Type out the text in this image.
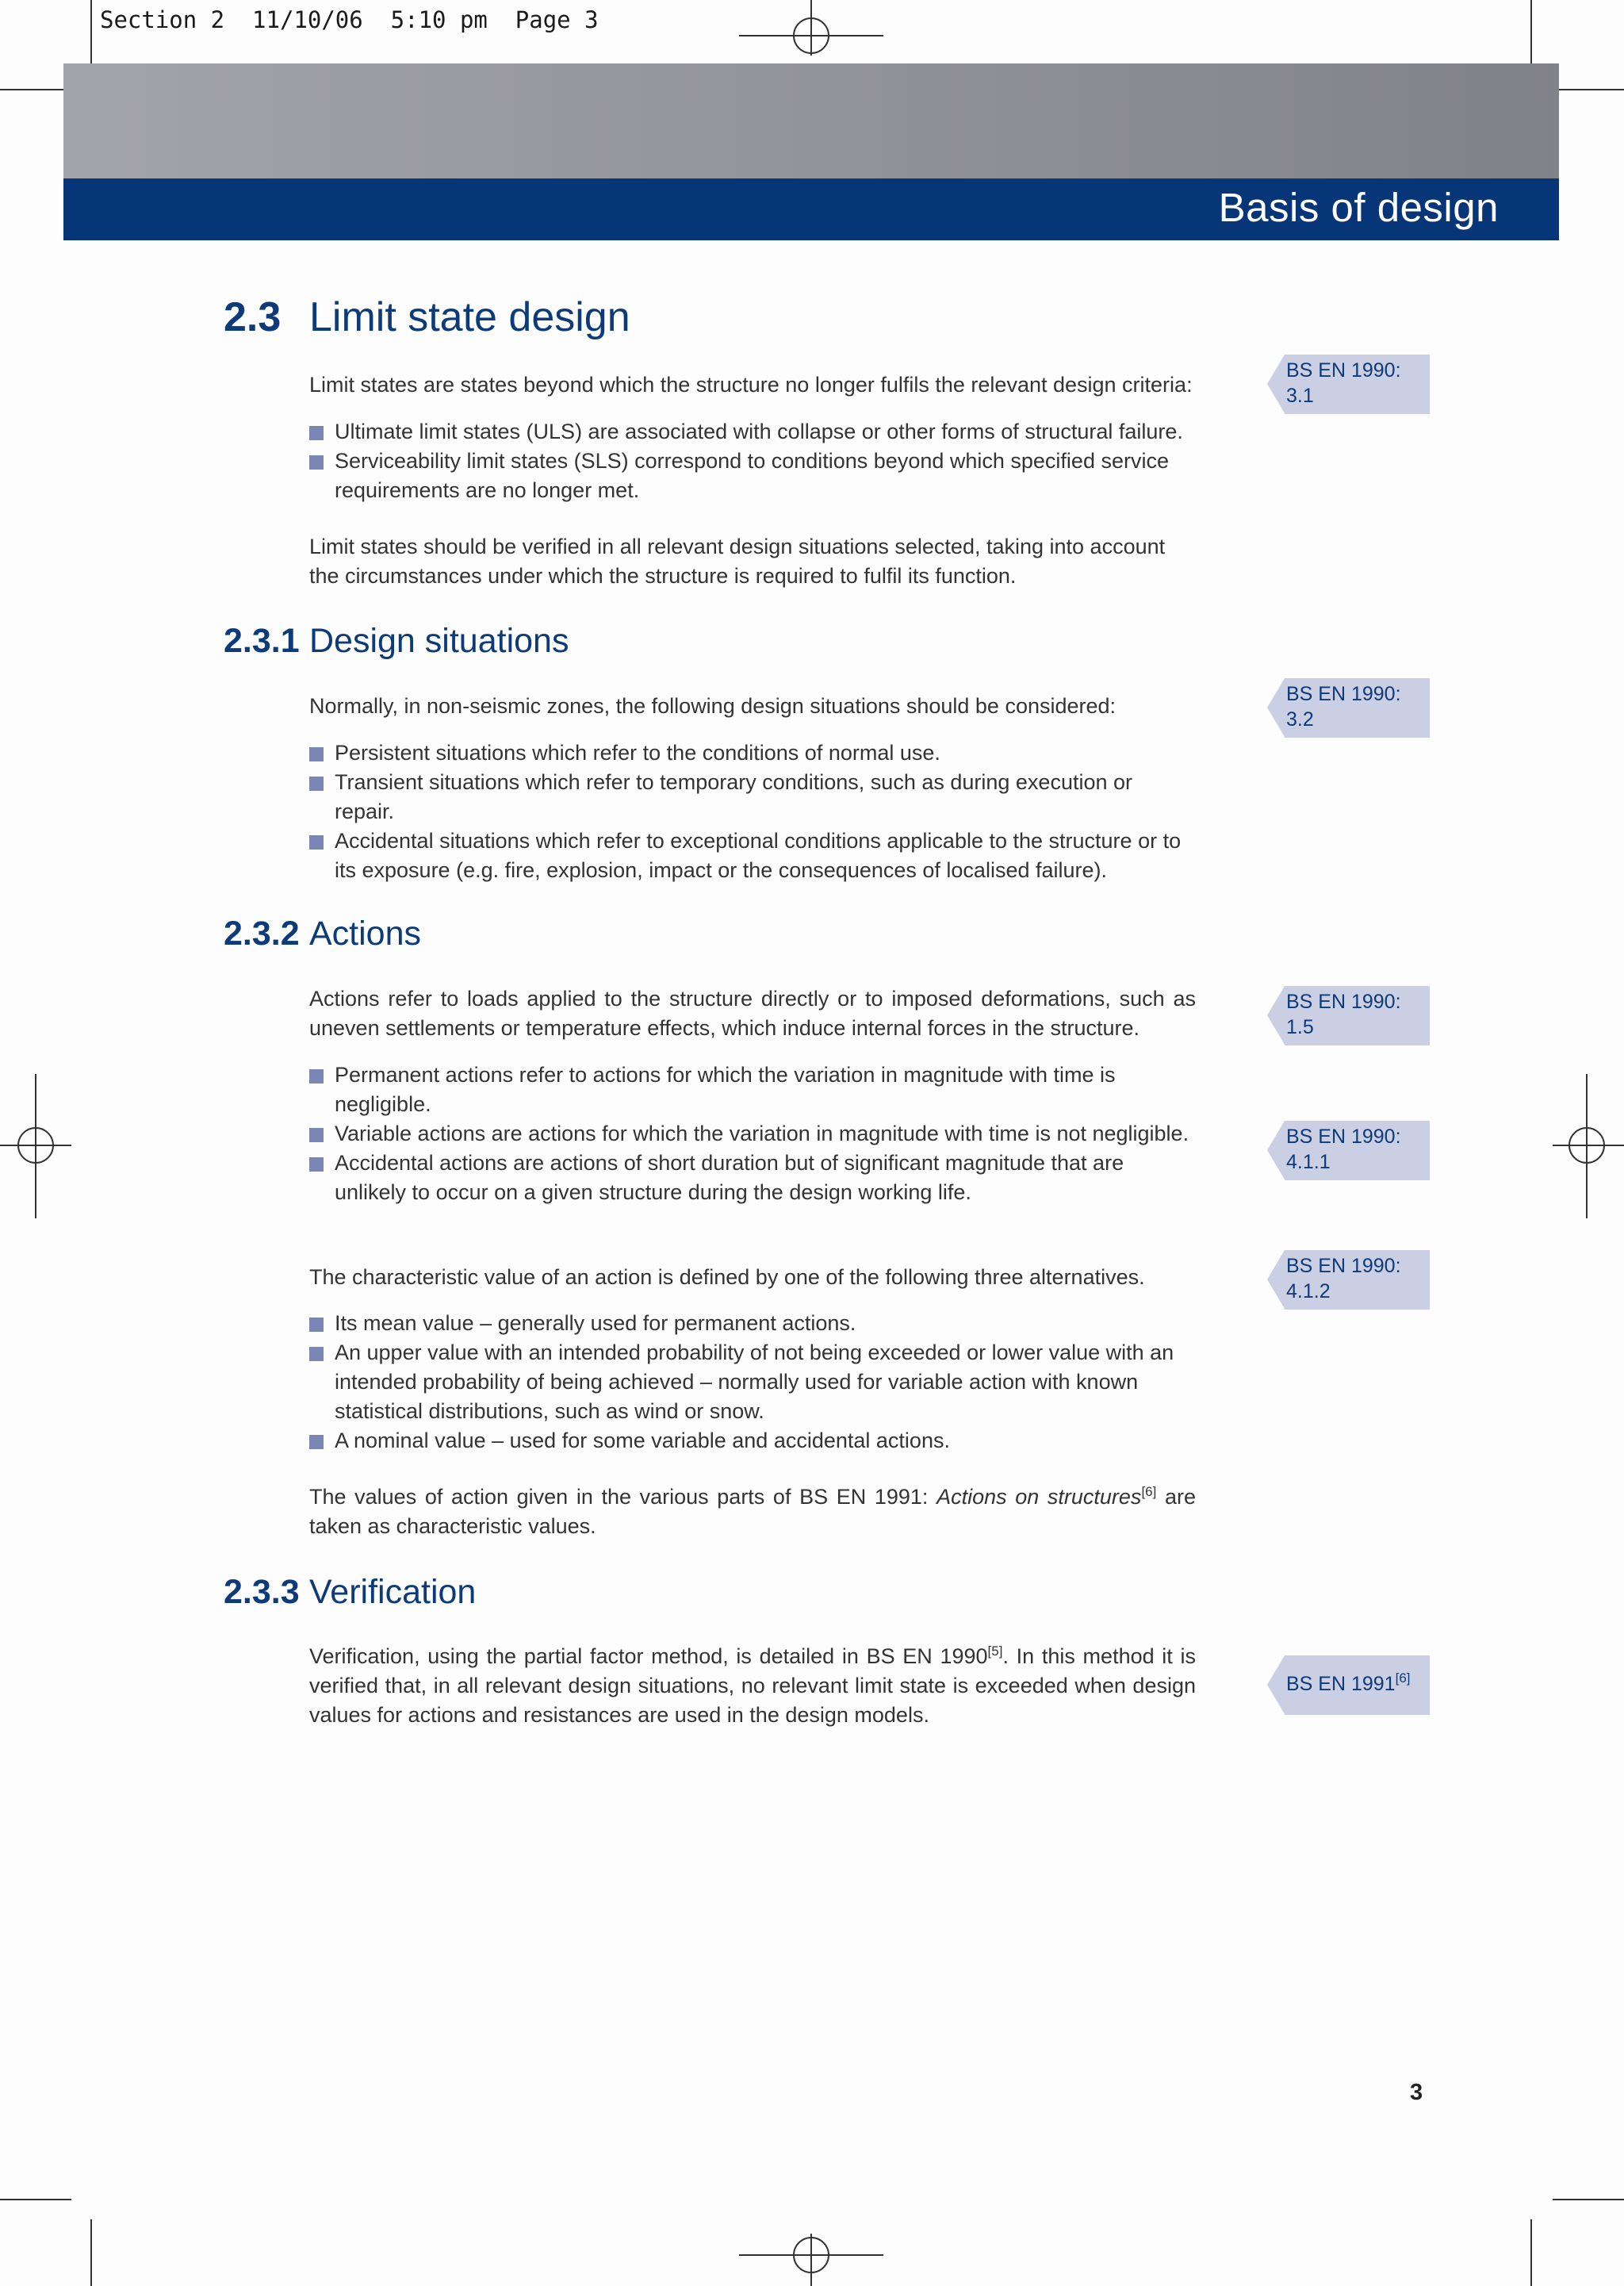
Section 2  11/10/06  5:10 pm  Page 3
Basis of design
2.3 Limit state design

Limit states are states beyond which the structure no longer fulfils the relevant design criteria:

Ultimate limit states (ULS) are associated with collapse or other forms of structural failure.
Serviceability limit states (SLS) correspond to conditions beyond which specified service requirements are no longer met.

Limit states should be verified in all relevant design situations selected, taking into account the circumstances under which the structure is required to fulfil its function.

2.3.1 Design situations

Normally, in non-seismic zones, the following design situations should be considered:

Persistent situations which refer to the conditions of normal use.
Transient situations which refer to temporary conditions, such as during execution or repair.
Accidental situations which refer to exceptional conditions applicable to the structure or to its exposure (e.g. fire, explosion, impact or the consequences of localised failure).
2.3.2 Actions

Actions refer to loads applied to the structure directly or to imposed deformations, such as uneven settlements or temperature effects, which induce internal forces in the structure.

Permanent actions refer to actions for which the variation in magnitude with time is negligible.
Variable actions are actions for which the variation in magnitude with time is not negligible.
Accidental actions are actions of short duration but of significant magnitude that are unlikely to occur on a given structure during the design working life.

The characteristic value of an action is defined by one of the following three alternatives.

Its mean value – generally used for permanent actions.
An upper value with an intended probability of not being exceeded or lower value with an intended probability of being achieved – normally used for variable action with known statistical distributions, such as wind or snow.
A nominal value – used for some variable and accidental actions.

The values of action given in the various parts of BS EN 1991: Actions on structures[6] are taken as characteristic values.

2.3.3 Verification

Verification, using the partial factor method, is detailed in BS EN 1990[5]. In this method it is verified that, in all relevant design situations, no relevant limit state is exceeded when design values for actions and resistances are used in the design models.

BS EN 1990:
3.1
BS EN 1990:
3.2
BS EN 1990:
1.5
BS EN 1990:
4.1.1
BS EN 1990:
4.1.2
BS EN 1991[6]
3
